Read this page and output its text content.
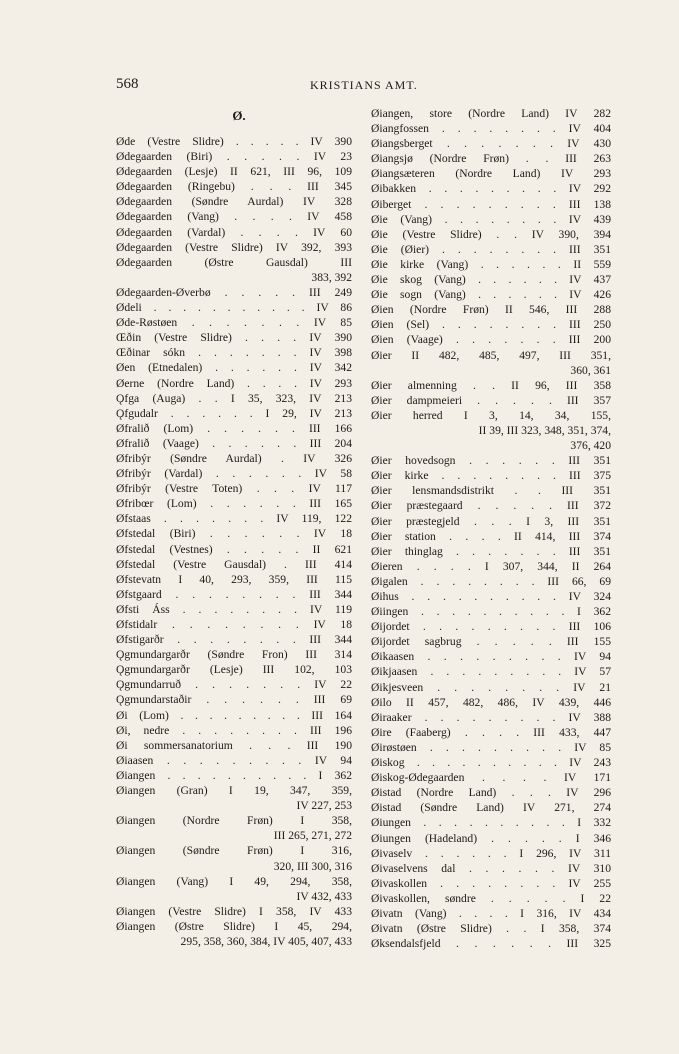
568	KRISTIANS AMT.
Ø.
Øde (Vestre Slidre) . . . . . IV 390
Ødegaarden (Biri) . . . . . IV 23
Ødegaarden (Lesje) II 621, III 96, 109
Ødegaarden (Ringebu) . . . III 345
Ødegaarden (Søndre Aurdal) IV 328
Ødegaarden (Vang) . . . . IV 458
Ødegaarden (Vardal) . . . . IV 60
Ødegaarden (Vestre Slidre) IV 392, 393
Ødegaarden (Østre Gausdal) III
383, 392
Ødegaarden-Øverbø . . . . . III 249
Ødeli . . . . . . . . . . . IV 86
Øde-Røstøen . . . . . . . IV 85
Œðin (Vestre Slidre) . . . . IV 390
Œðinar sókn . . . . . . . IV 398
Øen (Etnedalen) . . . . . . IV 342
Øerne (Nordre Land) . . . . IV 293
Ǫfga (Auga) . . I 35, 323, IV 213
Ǫfgudalr . . . . . . I 29, IV 213
Øfralið (Lom) . . . . . . III 166
Øfralið (Vaage) . . . . . . III 204
Øfribýr (Søndre Aurdal) . IV 326
Øfribýr (Vardal) . . . . . . IV 58
Øfribýr (Vestre Toten) . . . IV 117
Øfribœr (Lom) . . . . . . III 165
Øfstaas . . . . . . . IV 119, 122
Øfstedal (Biri) . . . . . . IV 18
Øfstedal (Vestnes) . . . . . II 621
Øfstedal (Vestre Gausdal) . III 414
Øfstevatn I 40, 293, 359, III 115
Øfstgaard . . . . . . . . III 344
Øfsti Áss . . . . . . . . IV 119
Øfstidalr . . . . . . . . IV 18
Øfstigarðr . . . . . . . . III 344
Ǫgmundargarðr (Søndre Fron) III 314
Ǫgmundargarðr (Lesje) III 102, 103
Ǫgmundarruð . . . . . . . IV 22
Ǫgmundarstaðir . . . . . . III 69
Øi (Lom) . . . . . . . . . III 164
Øi, nedre . . . . . . . . III 196
Øi sommersanatorium . . . III 190
Øiaasen . . . . . . . . . IV 94
Øiangen . . . . . . . . . . I 362
Øiangen (Gran) I 19, 347, 359,
IV 227, 253
Øiangen (Nordre Frøn) I 358,
III 265, 271, 272
Øiangen (Søndre Frøn) I 316,
320, III 300, 316
Øiangen (Vang) I 49, 294, 358,
IV 432, 433
Øiangen (Vestre Slidre) I 358, IV 433
Øiangen (Østre Slidre) I 45, 294,
295, 358, 360, 384, IV 405, 407, 433
Øiangen, store (Nordre Land) IV 282
Øiangfossen . . . . . . . . IV 404
Øiangsberget . . . . . . . IV 430
Øiangsjø (Nordre Frøn) . . III 263
Øiangsæteren (Nordre Land) IV 293
Øibakken . . . . . . . . . IV 292
Øiberget . . . . . . . . . III 138
Øie (Vang) . . . . . . . . IV 439
Øie (Vestre Slidre) . . IV 390, 394
Øie (Øier) . . . . . . . . III 351
Øie kirke (Vang) . . . . . . II 559
Øie skog (Vang) . . . . . . IV 437
Øie sogn (Vang) . . . . . . IV 426
Øien (Nordre Frøn) II 546, III 288
Øien (Sel) . . . . . . . . III 250
Øien (Vaage) . . . . . . . III 200
Øier II 482, 485, 497, III 351,
360, 361
Øier almenning . . II 96, III 358
Øier dampmeieri . . . . . III 357
Øier herred I 3, 14, 34, 155,
II 39, III 323, 348, 351, 374,
376, 420
Øier hovedsogn . . . . . . III 351
Øier kirke . . . . . . . . III 375
Øier lensmandsdistrikt . . III 351
Øier præstegaard . . . . . III 372
Øier præstegjeld . . . I 3, III 351
Øier station . . . . II 414, III 374
Øier thinglag . . . . . . . III 351
Øieren . . . . I 307, 344, II 264
Øigalen . . . . . . . . III 66, 69
Øihus . . . . . . . . . . IV 324
Øiingen . . . . . . . . . . I 362
Øijordet . . . . . . . . . III 106
Øijordet sagbrug . . . . . III 155
Øikaasen . . . . . . . . . IV 94
Øikjaasen . . . . . . . . . IV 57
Øikjesveen . . . . . . . . IV 21
Øilo II 457, 482, 486, IV 439, 446
Øiraaker . . . . . . . . . IV 388
Øire (Faaberg) . . . . III 433, 447
Øirøstøen . . . . . . . . . IV 85
Øiskog . . . . . . . . . . IV 243
Øiskog-Ødegaarden . . . . IV 171
Øistad (Nordre Land) . . . IV 296
Øistad (Søndre Land) IV 271, 274
Øiungen . . . . . . . . . . I 332
Øiungen (Hadeland) . . . . . I 346
Øivaselv . . . . . . I 296, IV 311
Øivaselvens dal . . . . . . IV 310
Øivaskollen . . . . . . . . IV 255
Øivaskollen, søndre . . . . . I 22
Øivatn (Vang) . . . . I 316, IV 434
Øivatn (Østre Slidre) . . I 358, 374
Øksendalsfjeld . . . . . . III 325
